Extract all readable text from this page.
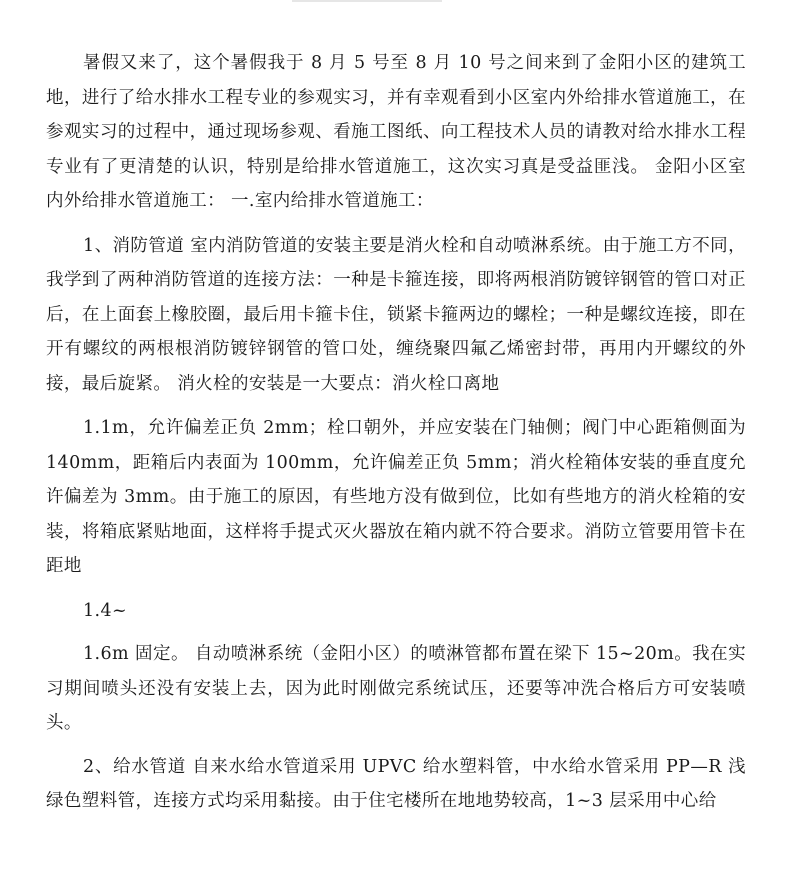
暑假又来了，这个暑假我于 8 月 5 号至 8 月 10 号之间来到了金阳小区的建筑工地，进行了给水排水工程专业的参观实习，并有幸观看到小区室内外给排水管道施工，在参观实习的过程中，通过现场参观、看施工图纸、向工程技术人员的请教对给水排水工程专业有了更清楚的认识，特别是给排水管道施工，这次实习真是受益匪浅。 金阳小区室内外给排水管道施工： 一.室内给排水管道施工：

1、消防管道 室内消防管道的安装主要是消火栓和自动喷淋系统。由于施工方不同，我学到了两种消防管道的连接方法：一种是卡箍连接，即将两根消防镀锌钢管的管口对正后，在上面套上橡胶圈，最后用卡箍卡住，锁紧卡箍两边的螺栓；一种是螺纹连接，即在开有螺纹的两根根消防镀锌钢管的管口处，缠绕聚四氟乙烯密封带，再用内开螺纹的外接，最后旋紧。 消火栓的安装是一大要点：消火栓口离地

1.1m，允许偏差正负 2mm；栓口朝外，并应安装在门轴侧；阀门中心距箱侧面为 140mm，距箱后内表面为 100mm，允许偏差正负 5mm；消火栓箱体安装的垂直度允许偏差为 3mm。由于施工的原因，有些地方没有做到位，比如有些地方的消火栓箱的安装，将箱底紧贴地面，这样将手提式灭火器放在箱内就不符合要求。消防立管要用管卡在距地

1.4~

1.6m 固定。 自动喷淋系统（金阳小区）的喷淋管都布置在梁下 15~20m。我在实习期间喷头还没有安装上去，因为此时刚做完系统试压，还要等冲洗合格后方可安装喷头。

2、给水管道 自来水给水管道采用 UPVC 给水塑料管，中水给水管采用 PP—R 浅绿色塑料管，连接方式均采用黏接。由于住宅楼所在地地势较高，1~3 层采用中心给
